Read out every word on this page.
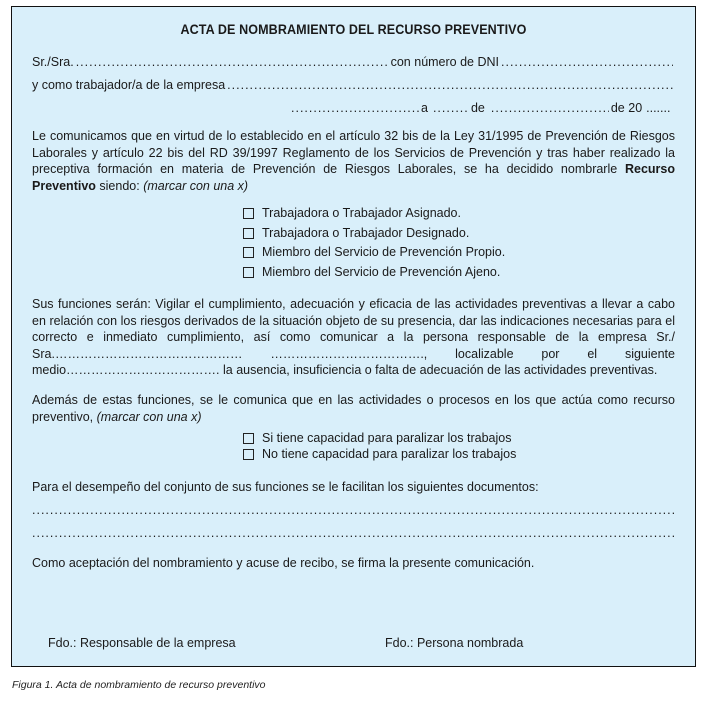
ACTA DE NOMBRAMIENTO DEL RECURSO PREVENTIVO
Sr./Sra. .....	con número de DNI
.....
y como trabajador/a de la empresa
.....
.....
a .....	de .....	de 20 .......
Le comunicamos que en virtud de lo establecido en el artículo 32 bis de la Ley 31/1995 de Prevención de Riesgos Laborales y artículo 22 bis del RD 39/1997 Reglamento de los Servicios de Prevención y tras haber realizado la preceptiva formación en materia de Prevención de Riesgos Laborales, se ha decidido nombrarle Recurso Preventivo siendo: (marcar con una x)
Trabajadora o Trabajador Asignado.
Trabajadora o Trabajador Designado.
Miembro del Servicio de Prevención Propio.
Miembro del Servicio de Prevención Ajeno.
Sus funciones serán: Vigilar el cumplimiento, adecuación y eficacia de las actividades preventivas a llevar a cabo en relación con los riesgos derivados de la situación objeto de su presencia, dar las indicaciones necesarias para el correcto e inmediato cumplimiento, así como comunicar a la persona responsable de la empresa Sr./ Sra.……………………………………… ………………………………., localizable por el siguiente medio………………………………. la ausencia, insuficiencia o falta de adecuación de las actividades preventivas.
Además de estas funciones, se le comunica que en las actividades o procesos en los que actúa como recurso preventivo, (marcar con una x)
Si tiene capacidad para paralizar los trabajos
No tiene capacidad para paralizar los trabajos
Para el desempeño del conjunto de sus funciones se le facilitan los siguientes documentos:
.....
.....
Como aceptación del nombramiento y acuse de recibo, se firma la presente comunicación.
Fdo.: Responsable de la empresa	Fdo.: Persona nombrada
Figura 1. Acta de nombramiento de recurso preventivo
